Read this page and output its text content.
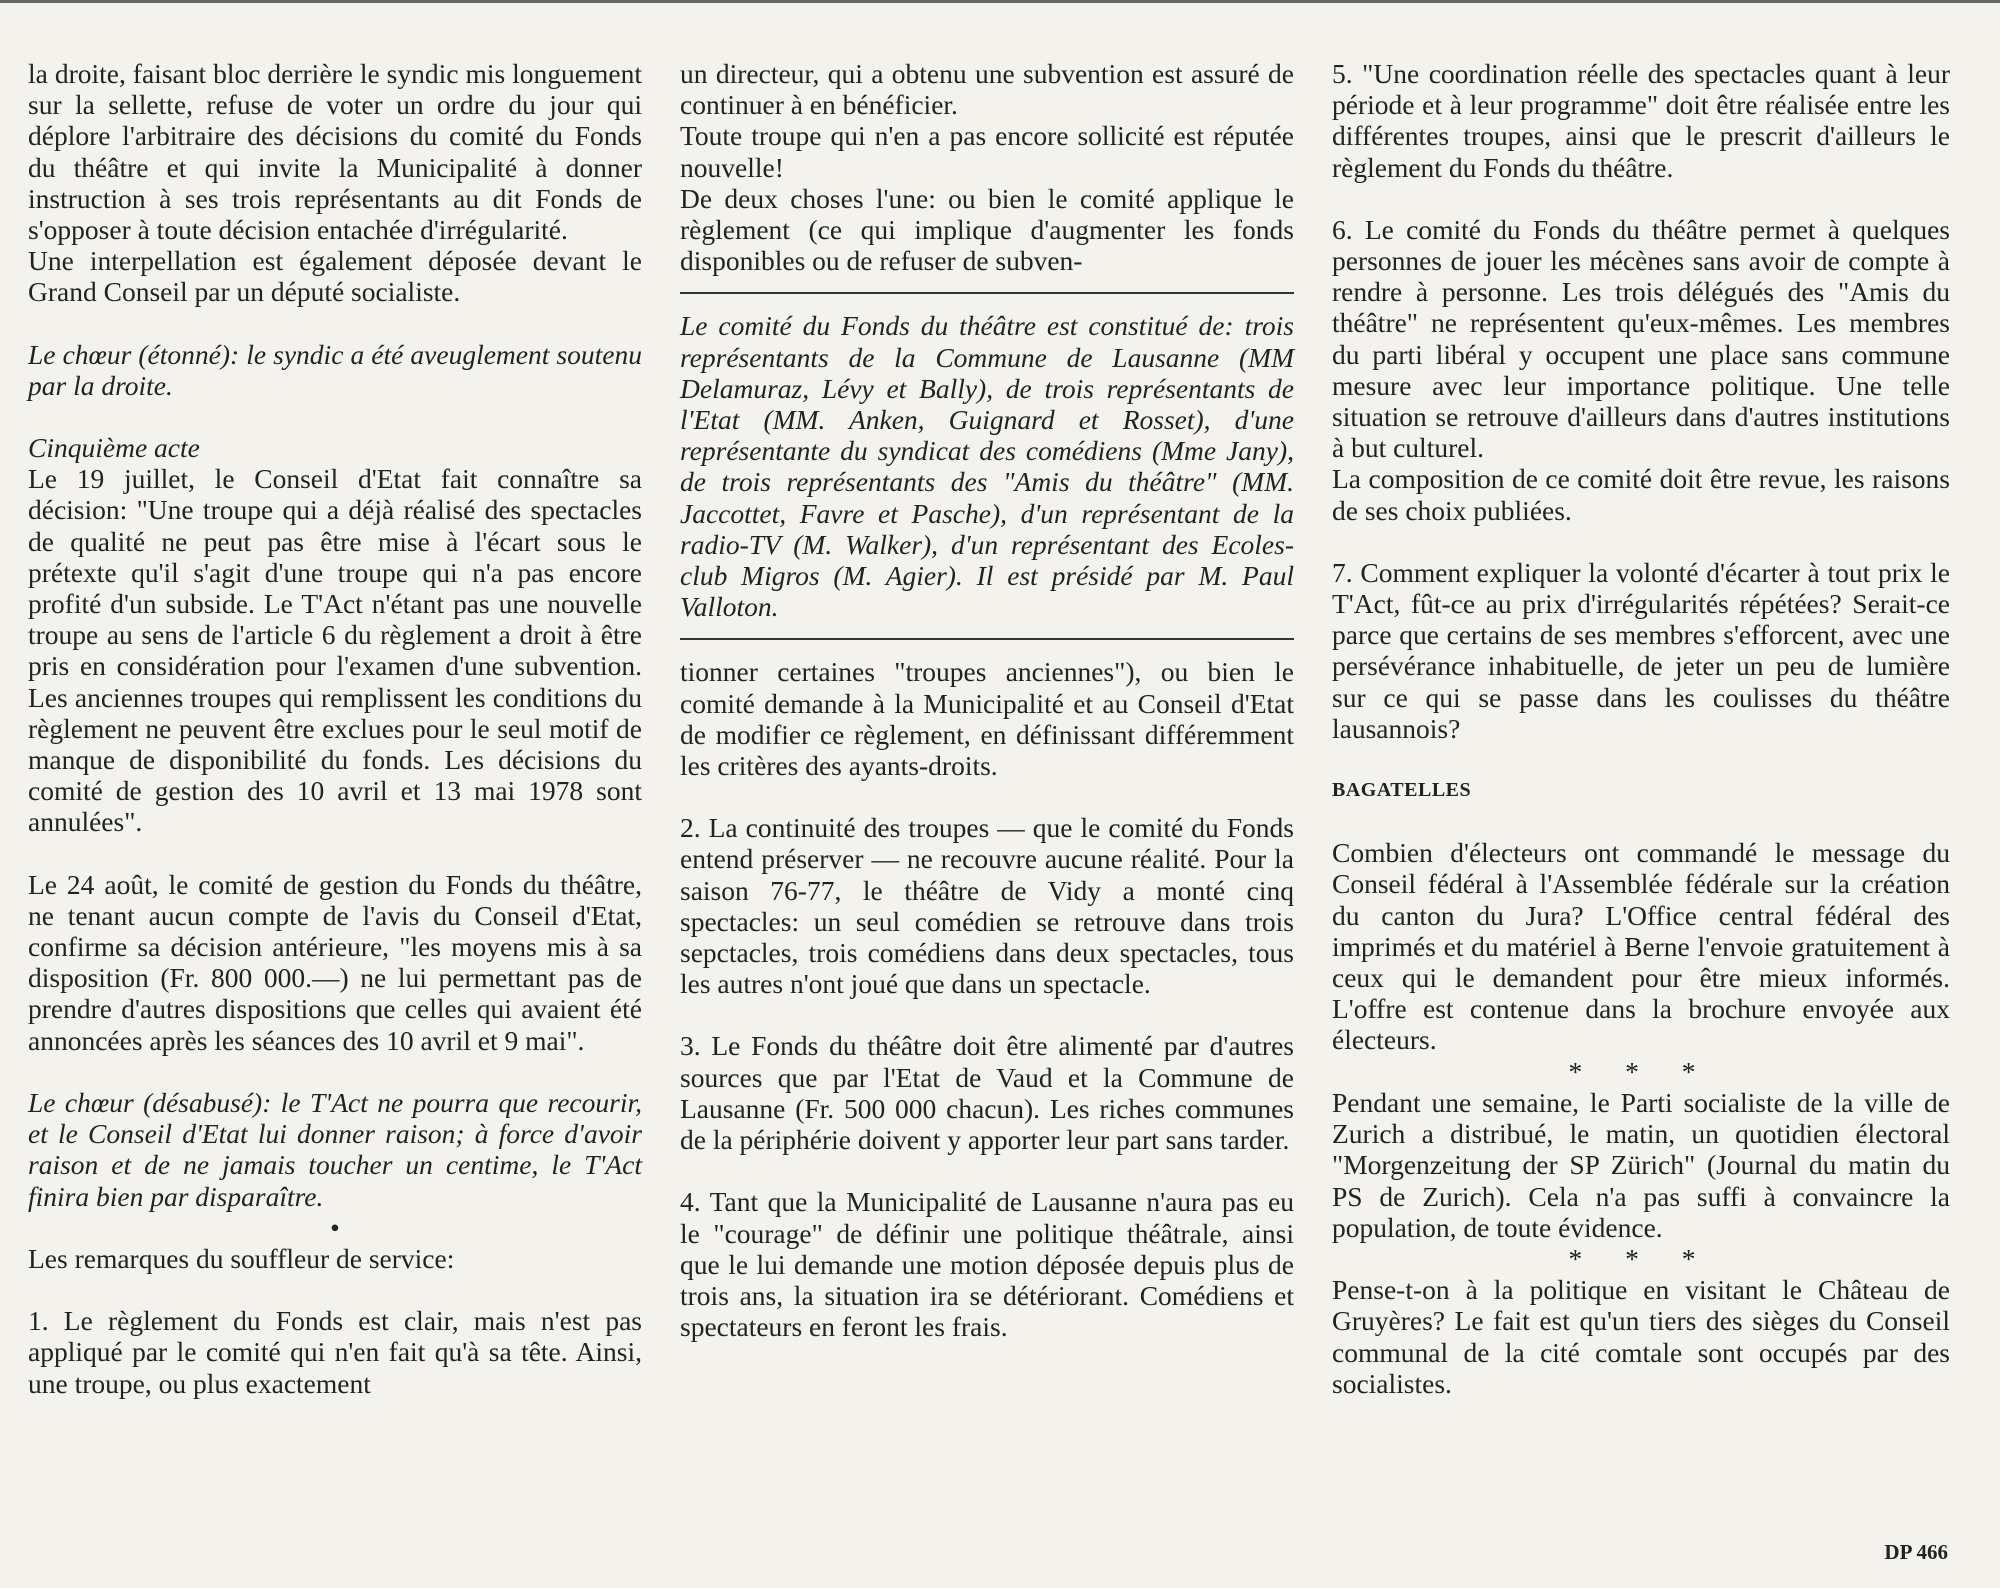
la droite, faisant bloc derrière le syndic mis longuement sur la sellette, refuse de voter un ordre du jour qui déplore l'arbitraire des décisions du comité du Fonds du théâtre et qui invite la Municipalité à donner instruction à ses trois représentants au dit Fonds de s'opposer à toute décision entachée d'irrégularité.

Une interpellation est également déposée devant le Grand Conseil par un député socialiste.

Le chœur (étonné): le syndic a été aveuglement soutenu par la droite.

Cinquième acte

Le 19 juillet, le Conseil d'Etat fait connaître sa décision: "Une troupe qui a déjà réalisé des spectacles de qualité ne peut pas être mise à l'écart sous le prétexte qu'il s'agit d'une troupe qui n'a pas encore profité d'un subside. Le T'Act n'étant pas une nouvelle troupe au sens de l'article 6 du règlement a droit à être pris en considération pour l'examen d'une subvention. Les anciennes troupes qui remplissent les conditions du règlement ne peuvent être exclues pour le seul motif de manque de disponibilité du fonds. Les décisions du comité de gestion des 10 avril et 13 mai 1978 sont annulées".

Le 24 août, le comité de gestion du Fonds du théâtre, ne tenant aucun compte de l'avis du Conseil d'Etat, confirme sa décision antérieure, "les moyens mis à sa disposition (Fr. 800 000.—) ne lui permettant pas de prendre d'autres dispositions que celles qui avaient été annoncées après les séances des 10 avril et 9 mai".

Le chœur (désabusé): le T'Act ne pourra que recourir, et le Conseil d'Etat lui donner raison; à force d'avoir raison et de ne jamais toucher un centime, le T'Act finira bien par disparaître.

•

Les remarques du souffleur de service:

1. Le règlement du Fonds est clair, mais n'est pas appliqué par le comité qui n'en fait qu'à sa tête. Ainsi, une troupe, ou plus exactement

un directeur, qui a obtenu une subvention est assuré de continuer à en bénéficier.

Toute troupe qui n'en a pas encore sollicité est réputée nouvelle!

De deux choses l'une: ou bien le comité applique le règlement (ce qui implique d'augmenter les fonds disponibles ou de refuser de subven-

Le comité du Fonds du théâtre est constitué de: trois représentants de la Commune de Lausanne (MM Delamuraz, Lévy et Bally), de trois représentants de l'Etat (MM. Anken, Guignard et Rosset), d'une représentante du syndicat des comédiens (Mme Jany), de trois représentants des "Amis du théâtre" (MM. Jaccottet, Favre et Pasche), d'un représentant de la radio-TV (M. Walker), d'un représentant des Ecoles-club Migros (M. Agier). Il est présidé par M. Paul Valloton.

tionner certaines "troupes anciennes"), ou bien le comité demande à la Municipalité et au Conseil d'Etat de modifier ce règlement, en définissant différemment les critères des ayants-droits.

2. La continuité des troupes — que le comité du Fonds entend préserver — ne recouvre aucune réalité. Pour la saison 76-77, le théâtre de Vidy a monté cinq spectacles: un seul comédien se retrouve dans trois sepctacles, trois comédiens dans deux spectacles, tous les autres n'ont joué que dans un spectacle.

3. Le Fonds du théâtre doit être alimenté par d'autres sources que par l'Etat de Vaud et la Commune de Lausanne (Fr. 500 000 chacun). Les riches communes de la périphérie doivent y apporter leur part sans tarder.

4. Tant que la Municipalité de Lausanne n'aura pas eu le "courage" de définir une politique théâtrale, ainsi que le lui demande une motion déposée depuis plus de trois ans, la situation ira se détériorant. Comédiens et spectateurs en feront les frais.

5. "Une coordination réelle des spectacles quant à leur période et à leur programme" doit être réalisée entre les différentes troupes, ainsi que le prescrit d'ailleurs le règlement du Fonds du théâtre.

6. Le comité du Fonds du théâtre permet à quelques personnes de jouer les mécènes sans avoir de compte à rendre à personne. Les trois délégués des "Amis du théâtre" ne représentent qu'eux-mêmes. Les membres du parti libéral y occupent une place sans commune mesure avec leur importance politique. Une telle situation se retrouve d'ailleurs dans d'autres institutions à but culturel.

La composition de ce comité doit être revue, les raisons de ses choix publiées.

7. Comment expliquer la volonté d'écarter à tout prix le T'Act, fût-ce au prix d'irrégularités répétées? Serait-ce parce que certains de ses membres s'efforcent, avec une persévérance inhabituelle, de jeter un peu de lumière sur ce qui se passe dans les coulisses du théâtre lausannois?

BAGATELLES

Combien d'électeurs ont commandé le message du Conseil fédéral à l'Assemblée fédérale sur la création du canton du Jura? L'Office central fédéral des imprimés et du matériel à Berne l'envoie gratuitement à ceux qui le demandent pour être mieux informés. L'offre est contenue dans la brochure envoyée aux électeurs.

* * *

Pendant une semaine, le Parti socialiste de la ville de Zurich a distribué, le matin, un quotidien électoral "Morgenzeitung der SP Zürich" (Journal du matin du PS de Zurich). Cela n'a pas suffi à convaincre la population, de toute évidence.

* * *

Pense-t-on à la politique en visitant le Château de Gruyères? Le fait est qu'un tiers des sièges du Conseil communal de la cité comtale sont occupés par des socialistes.

DP 466
